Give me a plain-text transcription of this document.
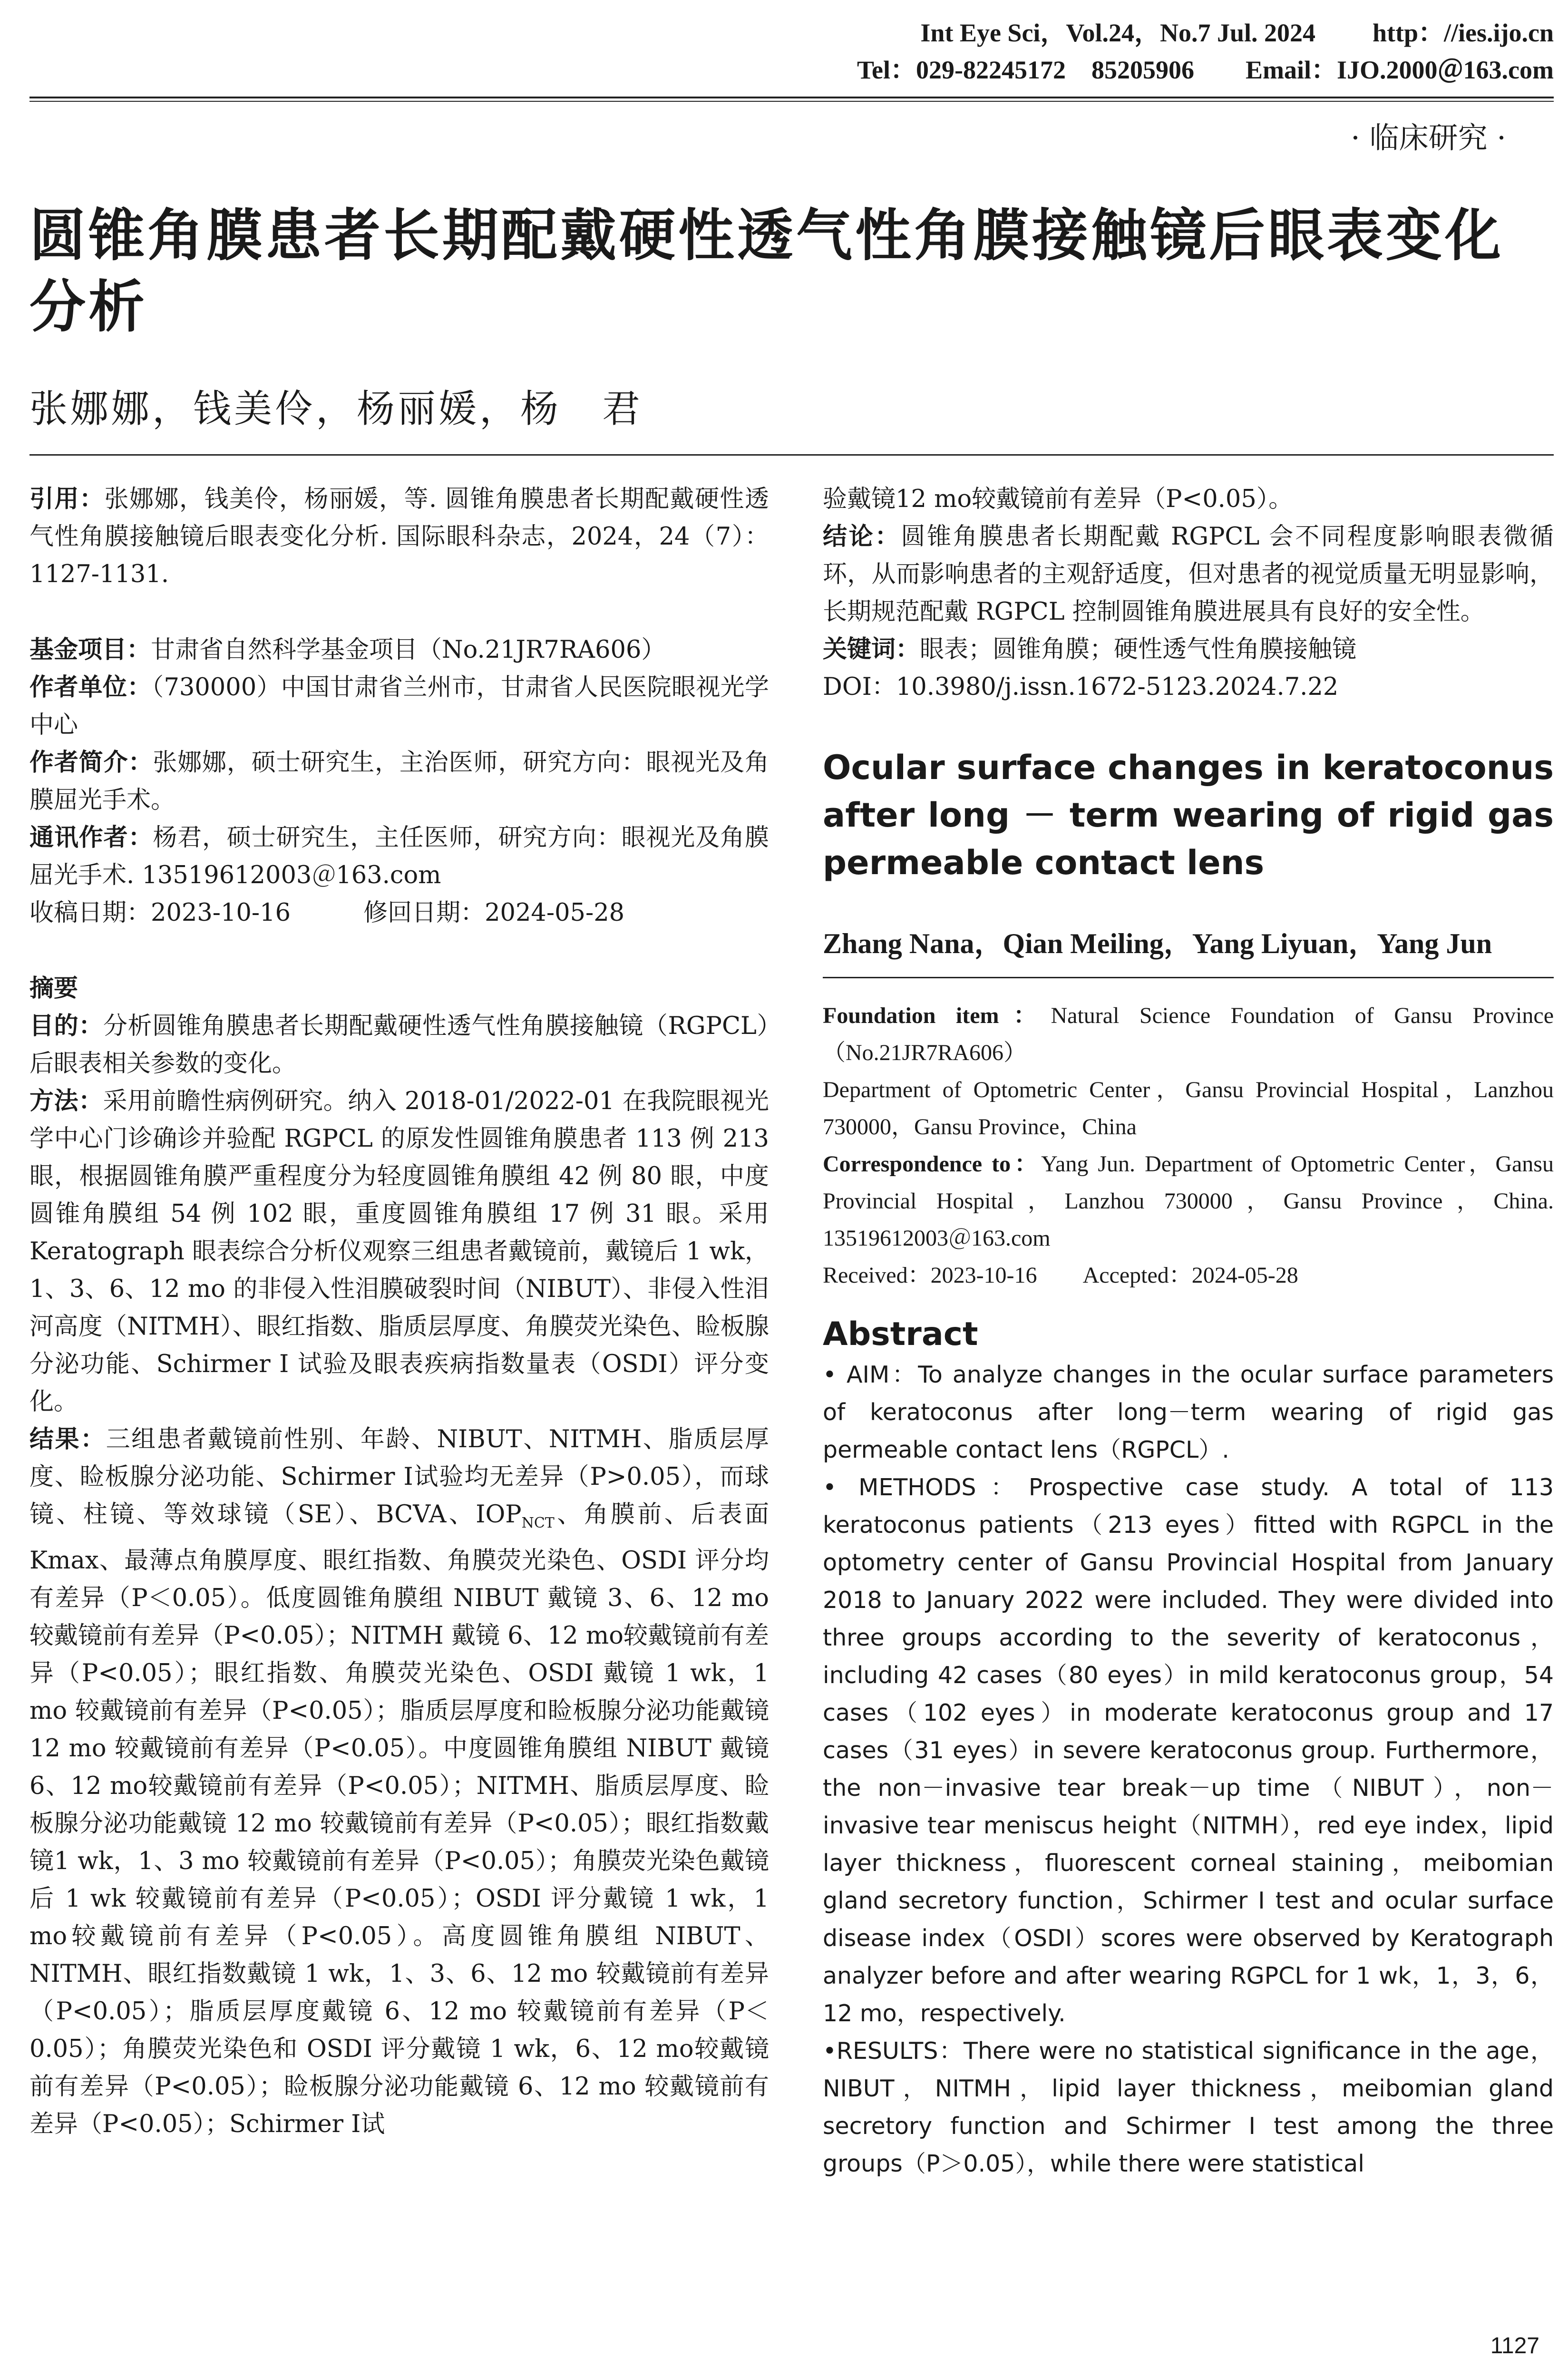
Int Eye Sci，Vol.24，No.7 Jul. 2024 http：//ies.ijo.cn
Tel：029-82245172　85205906　　 Email：IJO.2000＠163.com
· 临床研究 ·
圆锥角膜患者长期配戴硬性透气性角膜接触镜后眼表变化分析
张娜娜，钱美伶，杨丽媛，杨　君

引用：张娜娜，钱美伶，杨丽媛，等. 圆锥角膜患者长期配戴硬性透气性角膜接触镜后眼表变化分析. 国际眼科杂志，2024，24（7）：1127-1131.

基金项目：甘肃省自然科学基金项目（No.21JR7RA606）

作者单位：（730000）中国甘肃省兰州市，甘肃省人民医院眼视光学中心

作者简介：张娜娜，硕士研究生，主治医师，研究方向：眼视光及角膜屈光手术。

通讯作者：杨君，硕士研究生，主任医师，研究方向：眼视光及角膜屈光手术. 13519612003＠163.com

收稿日期：2023-10-16　　　	修回日期：2024-05-28

摘要

目的：分析圆锥角膜患者长期配戴硬性透气性角膜接触镜（RGPCL）后眼表相关参数的变化。

方法：采用前瞻性病例研究。纳入 2018-01/2022-01 在我院眼视光学中心门诊确诊并验配 RGPCL 的原发性圆锥角膜患者 113 例 213 眼，根据圆锥角膜严重程度分为轻度圆锥角膜组 42 例 80 眼，中度圆锥角膜组 54 例 102 眼，重度圆锥角膜组 17 例 31 眼。采用 Keratograph 眼表综合分析仪观察三组患者戴镜前，戴镜后 1 wk，1、3、6、12 mo 的非侵入性泪膜破裂时间（NIBUT）、非侵入性泪河高度（NITMH）、眼红指数、脂质层厚度、角膜荧光染色、睑板腺分泌功能、Schirmer I 试验及眼表疾病指数量表（OSDI）评分变化。

结果：三组患者戴镜前性别、年龄、NIBUT、NITMH、脂质层厚度、睑板腺分泌功能、Schirmer Ⅰ试验均无差异（P>0.05），而球镜、柱镜、等效球镜（SE）、BCVA、$IOP_{NCT}$、角膜前、后表面 Kmax、最薄点角膜厚度、眼红指数、角膜荧光染色、OSDI 评分均有差异（P＜0.05）。低度圆锥角膜组 NIBUT 戴镜 3、6、12 mo 较戴镜前有差异（P<0.05）；NITMH 戴镜 6、12 mo较戴镜前有差异（P<0.05）；眼红指数、角膜荧光染色、OSDI 戴镜 1 wk，1 mo 较戴镜前有差异（P<0.05）；脂质层厚度和睑板腺分泌功能戴镜 12 mo 较戴镜前有差异（P<0.05）。中度圆锥角膜组 NIBUT 戴镜 6、12 mo较戴镜前有差异（P<0.05）；NITMH、脂质层厚度、睑板腺分泌功能戴镜 12 mo 较戴镜前有差异（P<0.05）；眼红指数戴镜1 wk，1、3 mo 较戴镜前有差异（P<0.05）；角膜荧光染色戴镜后 1 wk 较戴镜前有差异（P<0.05）；OSDI 评分戴镜 1 wk，1 mo较戴镜前有差异（P<0.05）。高度圆锥角膜组 NIBUT、NITMH、眼红指数戴镜 1 wk，1、3、6、12 mo 较戴镜前有差异（P<0.05）；脂质层厚度戴镜 6、12 mo 较戴镜前有差异（P＜0.05）；角膜荧光染色和 OSDI 评分戴镜 1 wk，6、12 mo较戴镜前有差异（P<0.05）；睑板腺分泌功能戴镜 6、12 mo 较戴镜前有差异（P<0.05）；Schirmer Ⅰ试

验戴镜12 mo较戴镜前有差异（P<0.05）。

结论：圆锥角膜患者长期配戴 RGPCL 会不同程度影响眼表微循环，从而影响患者的主观舒适度，但对患者的视觉质量无明显影响，长期规范配戴 RGPCL 控制圆锥角膜进展具有良好的安全性。

关键词：眼表；圆锥角膜；硬性透气性角膜接触镜

DOI：10.3980/j.issn.1672-5123.2024.7.22

Ocular surface changes in keratoconus after long － term wearing of rigid gas permeable contact lens

Zhang Nana，Qian Meiling，Yang Liyuan，Yang Jun

Foundation item：Natural Science Foundation of Gansu Province（No.21JR7RA606）

Department of Optometric Center，Gansu Provincial Hospital，Lanzhou 730000，Gansu Province，China

Correspondence to：Yang Jun. Department of Optometric Center，Gansu Provincial Hospital，Lanzhou 730000，Gansu Province，China. 13519612003＠163.com

Received：2023-10-16　　 Accepted：2024-05-28

Abstract

• AIM：To analyze changes in the ocular surface parameters of keratoconus after long－term wearing of rigid gas permeable contact lens（RGPCL）.

• METHODS：Prospective case study. A total of 113 keratoconus patients（213 eyes）fitted with RGPCL in the optometry center of Gansu Provincial Hospital from January 2018 to January 2022 were included. They were divided into three groups according to the severity of keratoconus，including 42 cases（80 eyes）in mild keratoconus group，54 cases（102 eyes）in moderate keratoconus group and 17 cases（31 eyes）in severe keratoconus group. Furthermore，the non－invasive tear break－up time（NIBUT），non－invasive tear meniscus height（NITMH），red eye index，lipid layer thickness，fluorescent corneal staining，meibomian gland secretory function，Schirmer I test and ocular surface disease index（OSDI）scores were observed by Keratograph analyzer before and after wearing RGPCL for 1 wk，1，3，6，12 mo，respectively.

•RESULTS：There were no statistical significance in the age，NIBUT，NITMH，lipid layer thickness，meibomian gland secretory function and Schirmer I test among the three groups（P＞0.05），while there were statistical

1127
